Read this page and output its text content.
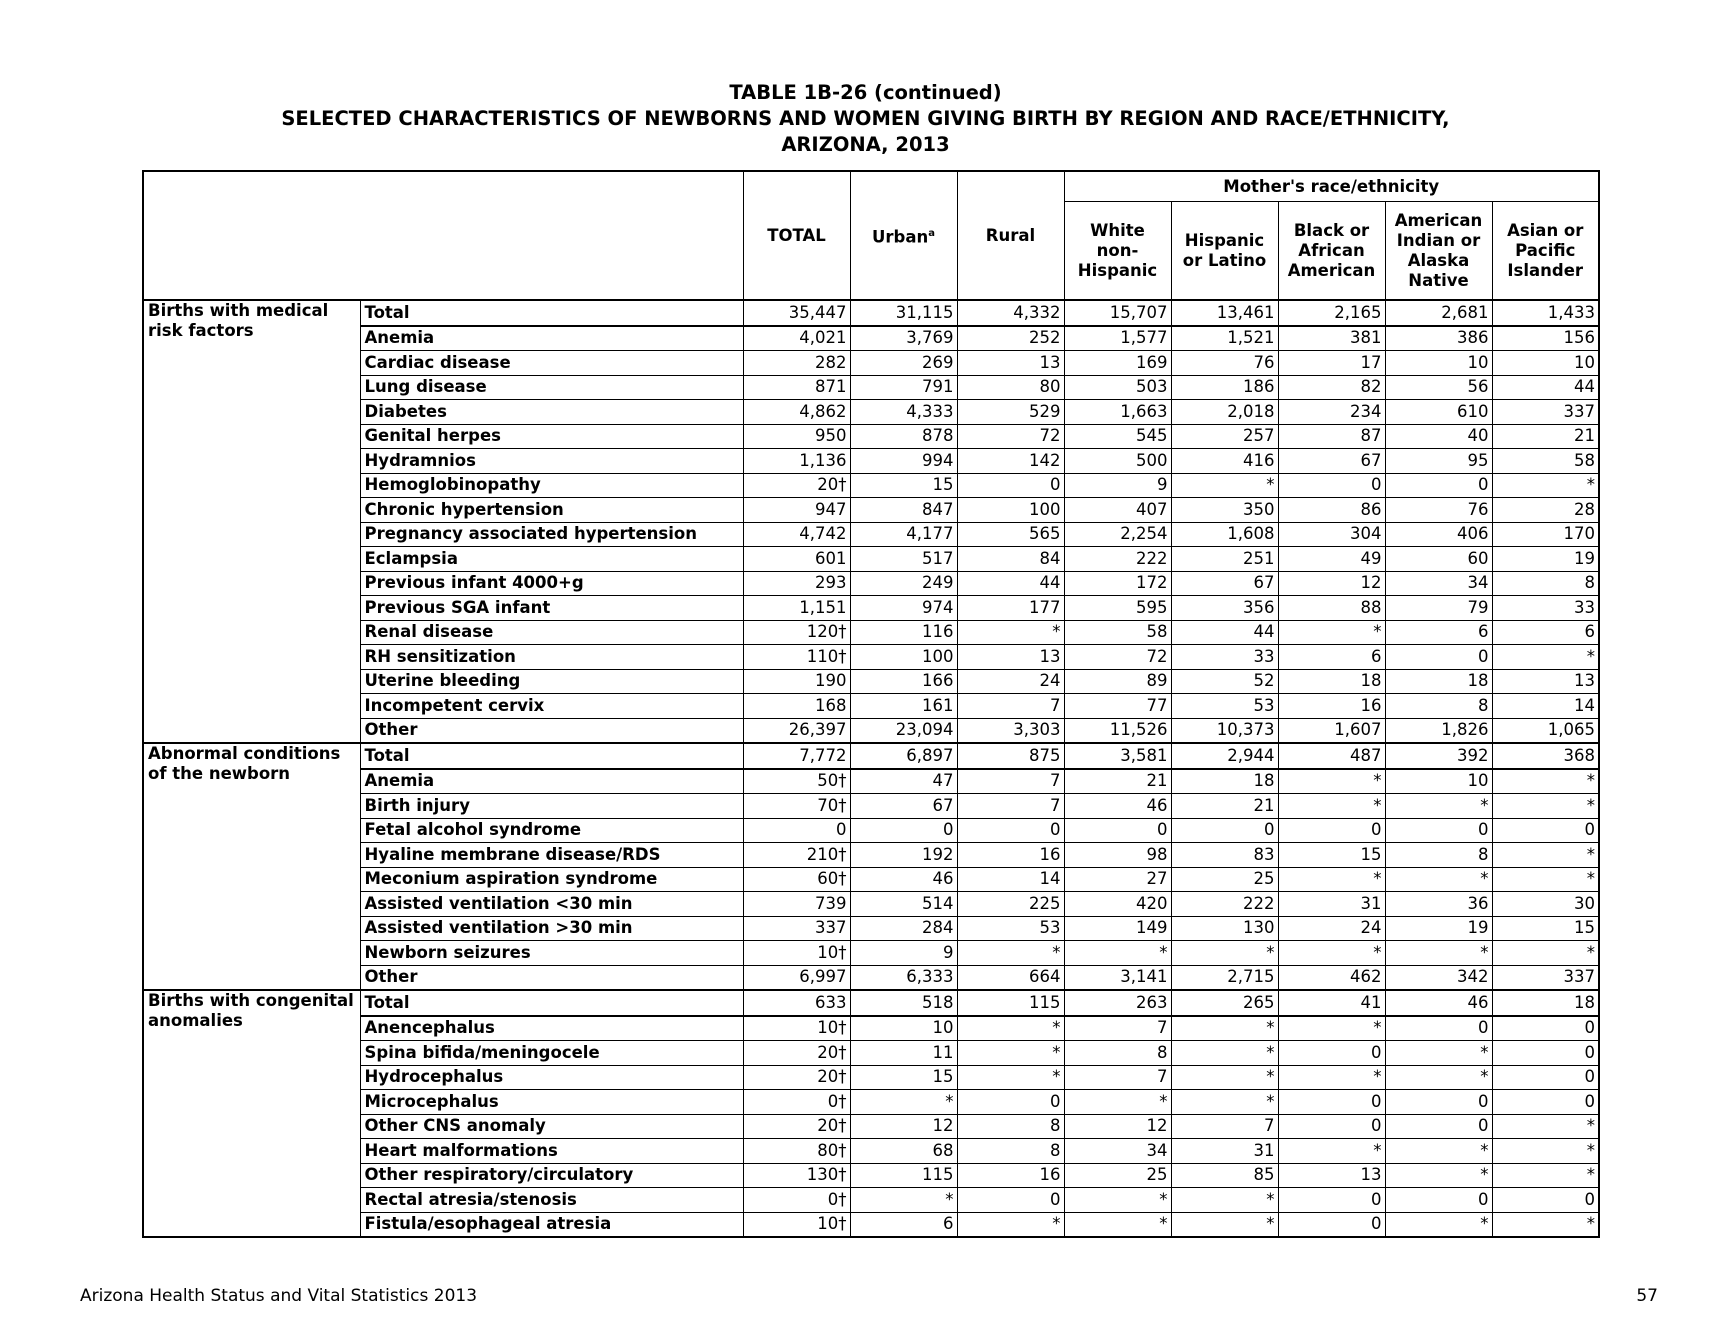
TABLE 1B-26 (continued)
SELECTED CHARACTERISTICS OF NEWBORNS AND WOMEN GIVING BIRTH BY REGION AND RACE/ETHNICITY,
ARIZONA, 2013
		TOTAL	Urban$^a$	Rural	Mother's race/ethnicity				
					White non-Hispanic	Hispanic or Latino	Black or African American	American Indian or Alaska Native	Asian or Pacific Islander
Births with medical risk factors	Total	35,447	31,115	4,332	15,707	13,461	2,165	2,681	1,433
	Anemia	4,021	3,769	252	1,577	1,521	381	386	156
	Cardiac disease	282	269	13	169	76	17	10	10
	Lung disease	871	791	80	503	186	82	56	44
	Diabetes	4,862	4,333	529	1,663	2,018	234	610	337
	Genital herpes	950	878	72	545	257	87	40	21
	Hydramnios	1,136	994	142	500	416	67	95	58
	Hemoglobinopathy	20†	15	0	9	*	0	0	*
	Chronic hypertension	947	847	100	407	350	86	76	28
	Pregnancy associated hypertension	4,742	4,177	565	2,254	1,608	304	406	170
	Eclampsia	601	517	84	222	251	49	60	19
	Previous infant 4000+g	293	249	44	172	67	12	34	8
	Previous SGA infant	1,151	974	177	595	356	88	79	33
	Renal disease	120†	116	*	58	44	*	6	6
	RH sensitization	110†	100	13	72	33	6	0	*
	Uterine bleeding	190	166	24	89	52	18	18	13
	Incompetent cervix	168	161	7	77	53	16	8	14
	Other	26,397	23,094	3,303	11,526	10,373	1,607	1,826	1,065
Abnormal conditions of the newborn	Total	7,772	6,897	875	3,581	2,944	487	392	368
	Anemia	50†	47	7	21	18	*	10	*
	Birth injury	70†	67	7	46	21	*	*	*
	Fetal alcohol syndrome	0	0	0	0	0	0	0	0
	Hyaline membrane disease/RDS	210†	192	16	98	83	15	8	*
	Meconium aspiration syndrome	60†	46	14	27	25	*	*	*
	Assisted ventilation <30 min	739	514	225	420	222	31	36	30
	Assisted ventilation >30 min	337	284	53	149	130	24	19	15
	Newborn seizures	10†	9	*	*	*	*	*	*
	Other	6,997	6,333	664	3,141	2,715	462	342	337
Births with congenital anomalies	Total	633	518	115	263	265	41	46	18
	Anencephalus	10†	10	*	7	*	*	0	0
	Spina bifida/meningocele	20†	11	*	8	*	0	*	0
	Hydrocephalus	20†	15	*	7	*	*	*	0
	Microcephalus	0†	*	0	*	*	0	0	0
	Other CNS anomaly	20†	12	8	12	7	0	0	*
	Heart malformations	80†	68	8	34	31	*	*	*
	Other respiratory/circulatory	130†	115	16	25	85	13	*	*
	Rectal atresia/stenosis	0†	*	0	*	*	0	0	0
	Fistula/esophageal atresia	10†	6	*	*	*	0	*	*
Arizona Health Status and Vital Statistics 2013	57
